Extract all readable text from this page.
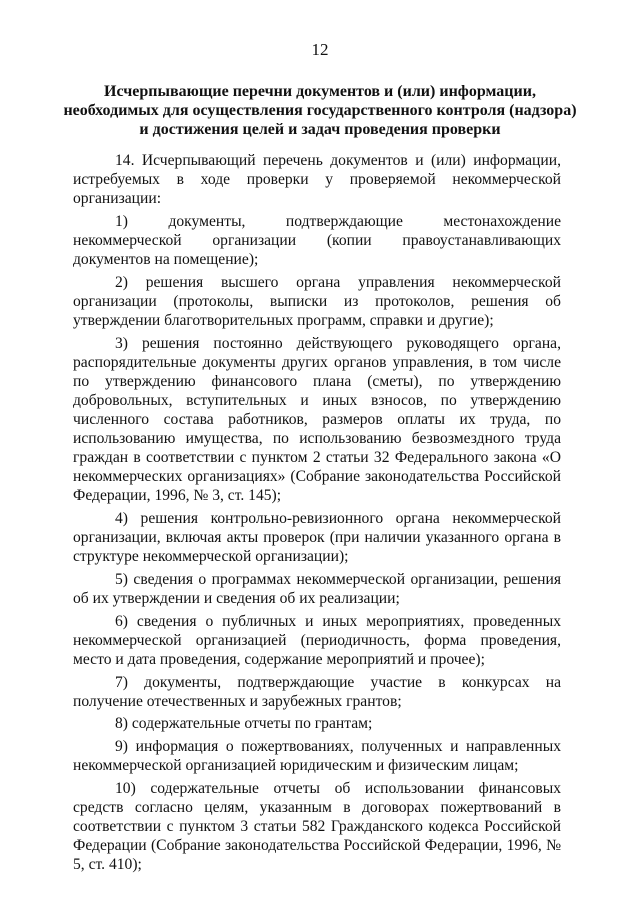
12
Исчерпывающие перечни документов и (или) информации,
необходимых для осуществления государственного контроля (надзора)
и достижения целей и задач проведения проверки

14. Исчерпывающий перечень документов и (или) информации, истребуемых в ходе проверки у проверяемой некоммерческой организации:

1) документы, подтверждающие местонахождение некоммерческой организации (копии правоустанавливающих документов на помещение);

2) решения высшего органа управления некоммерческой организации (протоколы, выписки из протоколов, решения об утверждении благотворительных программ, справки и другие);

3) решения постоянно действующего руководящего органа, распорядительные документы других органов управления, в том числе по утверждению финансового плана (сметы), по утверждению добровольных, вступительных и иных взносов, по утверждению численного состава работников, размеров оплаты их труда, по использованию имущества, по использованию безвозмездного труда граждан в соответствии с пунктом 2 статьи 32 Федерального закона «О некоммерческих организациях» (Собрание законодательства Российской Федерации, 1996, № 3, ст. 145);

4) решения контрольно-ревизионного органа некоммерческой организации, включая акты проверок (при наличии указанного органа в структуре некоммерческой организации);

5) сведения о программах некоммерческой организации, решения об их утверждении и сведения об их реализации;

6) сведения о публичных и иных мероприятиях, проведенных некоммерческой организацией (периодичность, форма проведения, место и дата проведения, содержание мероприятий и прочее);

7) документы, подтверждающие участие в конкурсах на получение отечественных и зарубежных грантов;

8) содержательные отчеты по грантам;

9) информация о пожертвованиях, полученных и направленных некоммерческой организацией юридическим и физическим лицам;

10) содержательные отчеты об использовании финансовых средств согласно целям, указанным в договорах пожертвований в соответствии с пунктом 3 статьи 582 Гражданского кодекса Российской Федерации (Собрание законодательства Российской Федерации, 1996, № 5, ст. 410);
